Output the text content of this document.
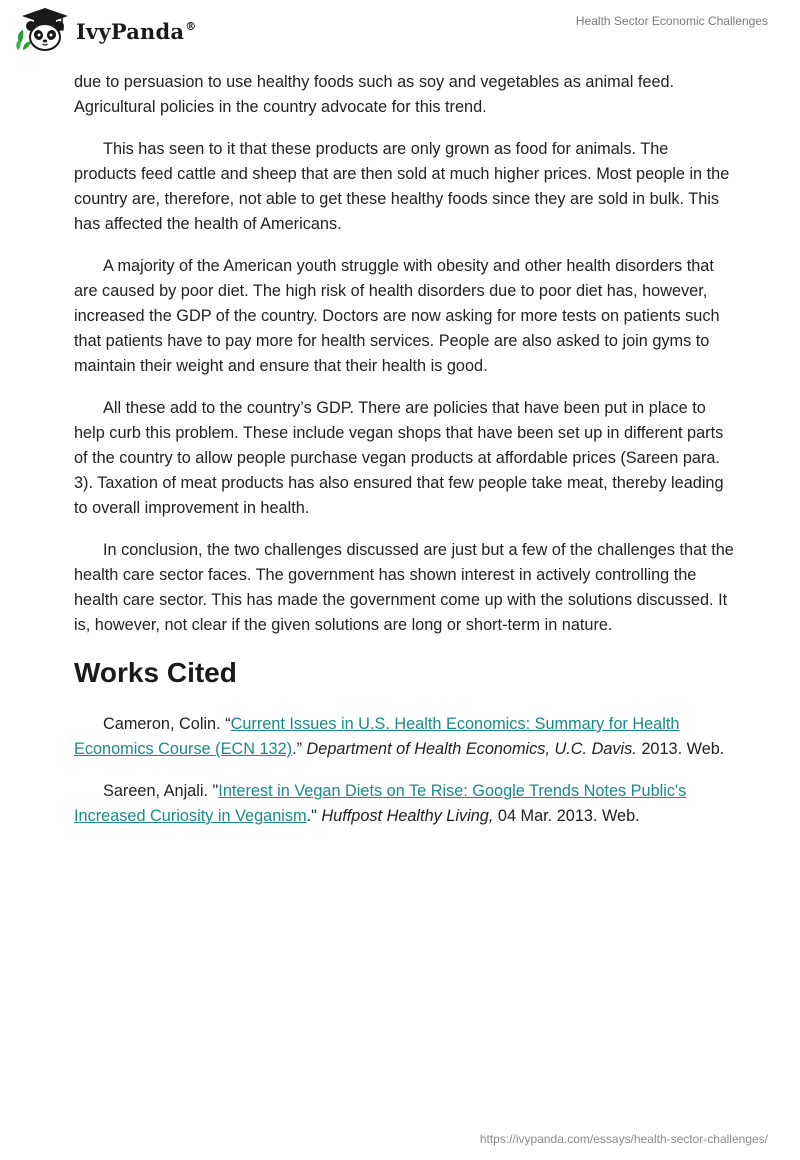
IvyPanda®	Health Sector Economic Challenges

due to persuasion to use healthy foods such as soy and vegetables as animal feed. Agricultural policies in the country advocate for this trend.

This has seen to it that these products are only grown as food for animals. The products feed cattle and sheep that are then sold at much higher prices. Most people in the country are, therefore, not able to get these healthy foods since they are sold in bulk. This has affected the health of Americans.

A majority of the American youth struggle with obesity and other health disorders that are caused by poor diet. The high risk of health disorders due to poor diet has, however, increased the GDP of the country. Doctors are now asking for more tests on patients such that patients have to pay more for health services. People are also asked to join gyms to maintain their weight and ensure that their health is good.

All these add to the country’s GDP. There are policies that have been put in place to help curb this problem. These include vegan shops that have been set up in different parts of the country to allow people purchase vegan products at affordable prices (Sareen para. 3). Taxation of meat products has also ensured that few people take meat, thereby leading to overall improvement in health.

In conclusion, the two challenges discussed are just but a few of the challenges that the health care sector faces. The government has shown interest in actively controlling the health care sector. This has made the government come up with the solutions discussed. It is, however, not clear if the given solutions are long or short-term in nature.

Works Cited

Cameron, Colin. “Current Issues in U.S. Health Economics: Summary for Health Economics Course (ECN 132).” Department of Health Economics, U.C. Davis. 2013. Web.

Sareen, Anjali. "Interest in Vegan Diets on Te Rise: Google Trends Notes Public's Increased Curiosity in Veganism." Huffpost Healthy Living, 04 Mar. 2013. Web.

https://ivypanda.com/essays/health-sector-challenges/
